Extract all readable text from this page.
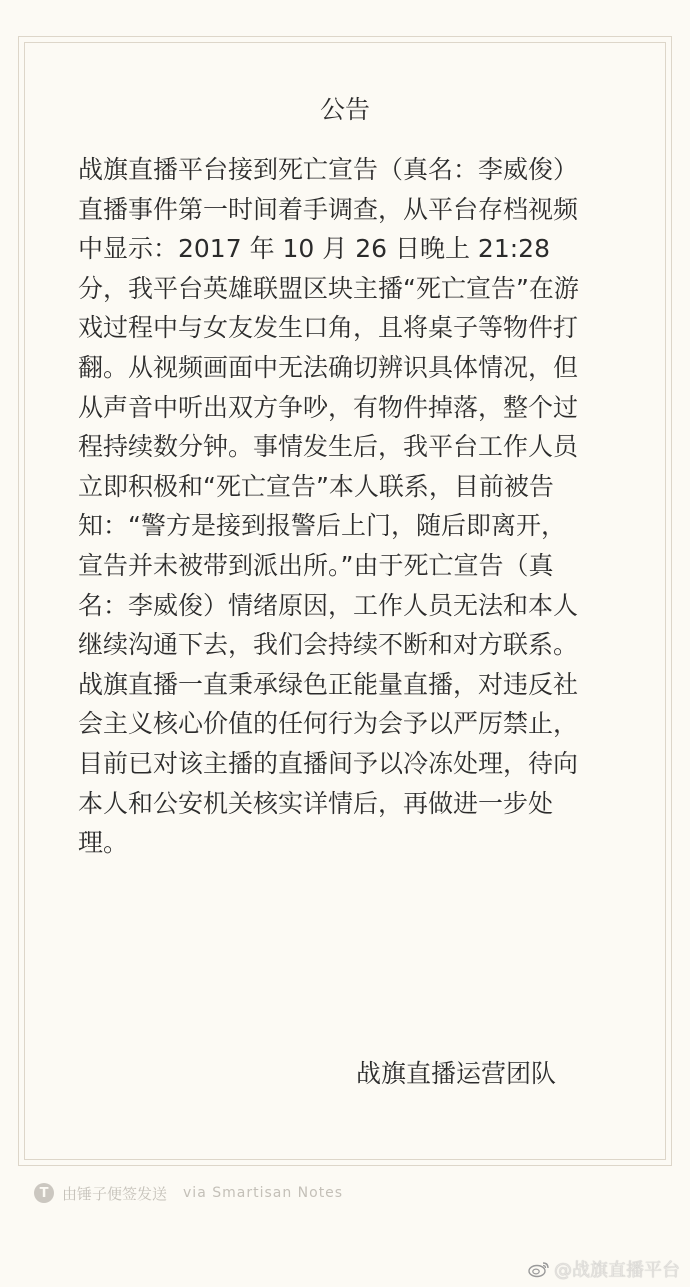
公告
战旗直播平台接到死亡宣告（真名：李威俊）
直播事件第一时间着手调查，从平台存档视频
中显示：2017 年 10 月 26 日晚上 21:28
分，我平台英雄联盟区块主播“死亡宣告”在游
戏过程中与女友发生口角，且将桌子等物件打
翻。从视频画面中无法确切辨识具体情况，但
从声音中听出双方争吵，有物件掉落，整个过
程持续数分钟。事情发生后，我平台工作人员
立即积极和“死亡宣告”本人联系，目前被告
知：“警方是接到报警后上门，随后即离开，
宣告并未被带到派出所。”由于死亡宣告（真
名：李威俊）情绪原因，工作人员无法和本人
继续沟通下去，我们会持续不断和对方联系。
战旗直播一直秉承绿色正能量直播，对违反社
会主义核心价值的任何行为会予以严厉禁止，
目前已对该主播的直播间予以冷冻处理，待向
本人和公安机关核实详情后，再做进一步处
理。
战旗直播运营团队
T 由锤子便签发送 via Smartisan Notes
@战旗直播平台
